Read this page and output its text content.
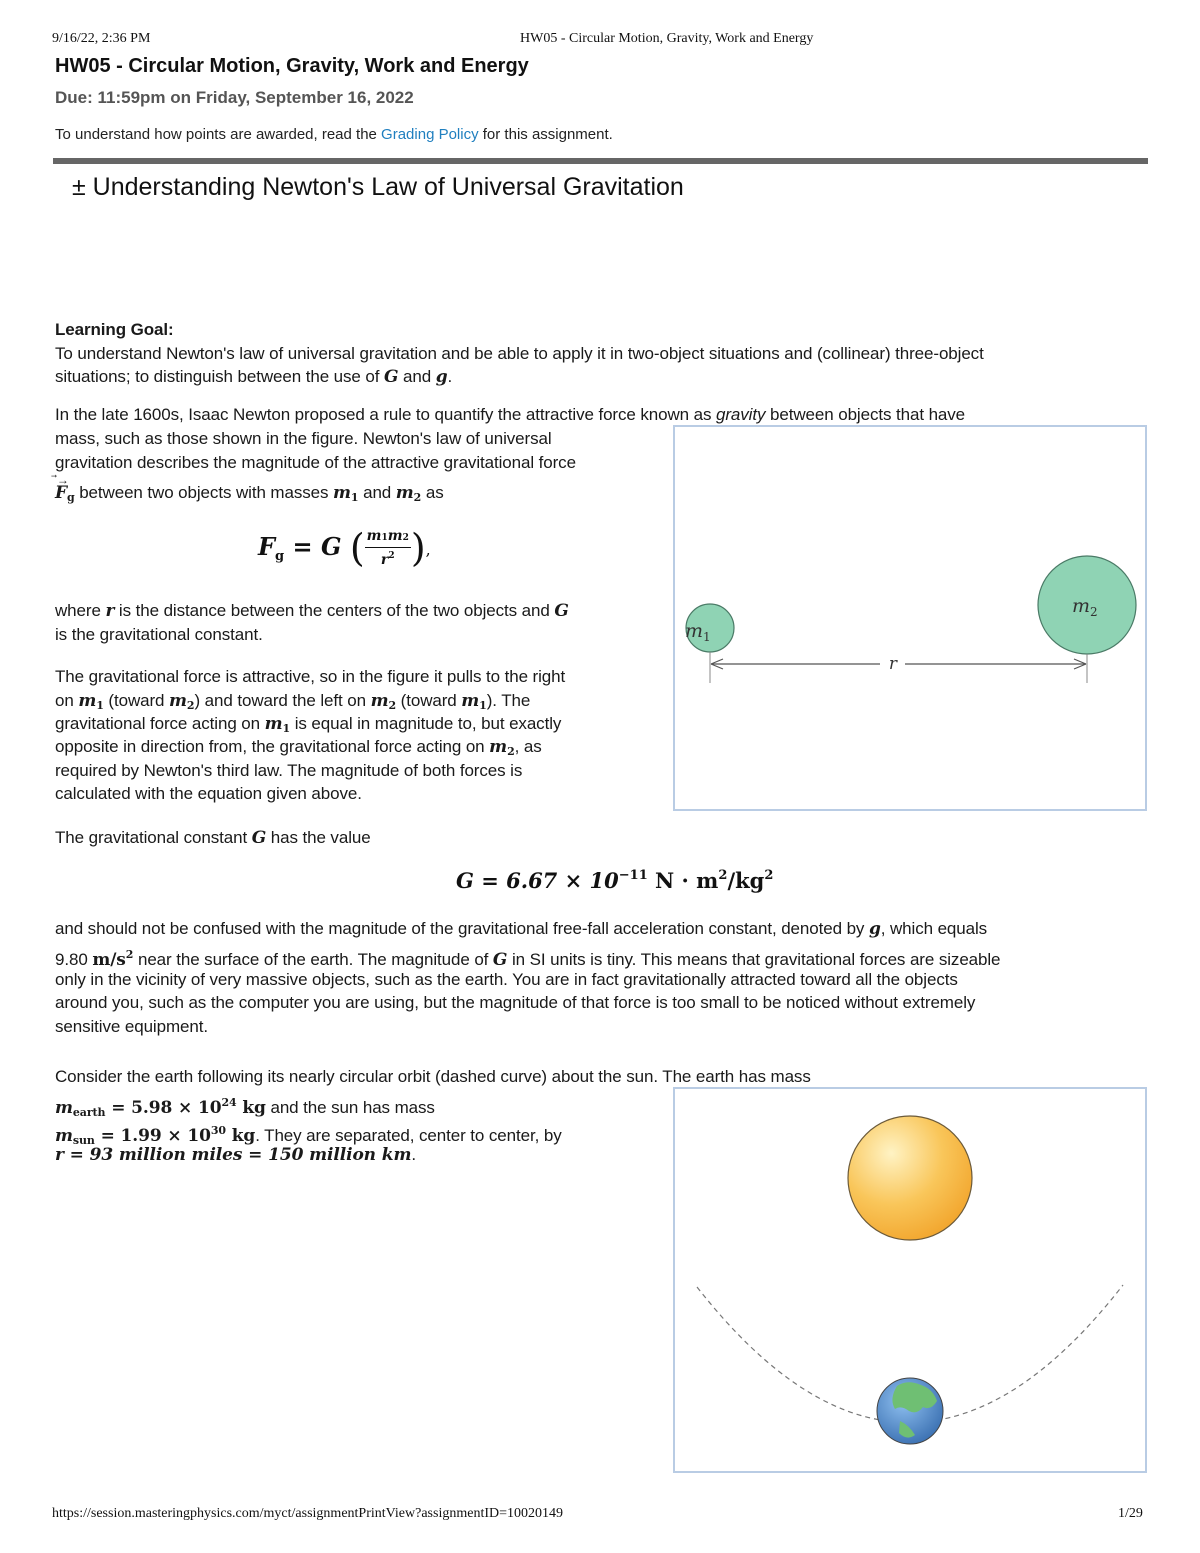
9/16/22, 2:36 PM	HW05 - Circular Motion, Gravity, Work and Energy
HW05 - Circular Motion, Gravity, Work and Energy
Due: 11:59pm on Friday, September 16, 2022
To understand how points are awarded, read the Grading Policy for this assignment.
± Understanding Newton's Law of Universal Gravitation
Learning Goal:
To understand Newton's law of universal gravitation and be able to apply it in two-object situations and (collinear) three-object
situations; to distinguish between the use of G and g.
In the late 1600s, Isaac Newton proposed a rule to quantify the attractive force known as gravity between objects that have
mass, such as those shown in the figure. Newton's law of universal
gravitation describes the magnitude of the attractive gravitational force
⃗→
$F_g$ between two objects with masses $m_1$ and $m_2$ as
$F_g = G$ ( $\frac{m1m2}{r^2}$ ),
where r is the distance between the centers of the two objects and G
is the gravitational constant.
The gravitational force is attractive, so in the figure it pulls to the right
on $m_1$ (toward $m_2$) and toward the left on $m_2$ (toward $m_1$). The
gravitational force acting on $m_1$ is equal in magnitude to, but exactly
opposite in direction from, the gravitational force acting on $m_2$, as
required by Newton's third law. The magnitude of both forces is
calculated with the equation given above.
$m_1$
$m_2$
r
The gravitational constant G has the value
$G = 6.67 \times 10^{-11}$ $N \cdot m^2/kg^2$
and should not be confused with the magnitude of the gravitational free-fall acceleration constant, denoted by g, which equals
9.80 $m/s^2$ near the surface of the earth. The magnitude of G in SI units is tiny. This means that gravitational forces are sizeable
only in the vicinity of very massive objects, such as the earth. You are in fact gravitationally attracted toward all the objects
around you, such as the computer you are using, but the magnitude of that force is too small to be noticed without extremely
sensitive equipment.
Consider the earth following its nearly circular orbit (dashed curve) about the sun. The earth has mass
$m_{earth} = 5.98 \times 10^{24}$ kg and the sun has mass
$m_{sun} = 1.99 \times 10^{30}$ kg. They are separated, center to center, by
r = 93 million miles = 150 million km.
https://session.masteringphysics.com/myct/assignmentPrintView?assignmentID=10020149	1/29
